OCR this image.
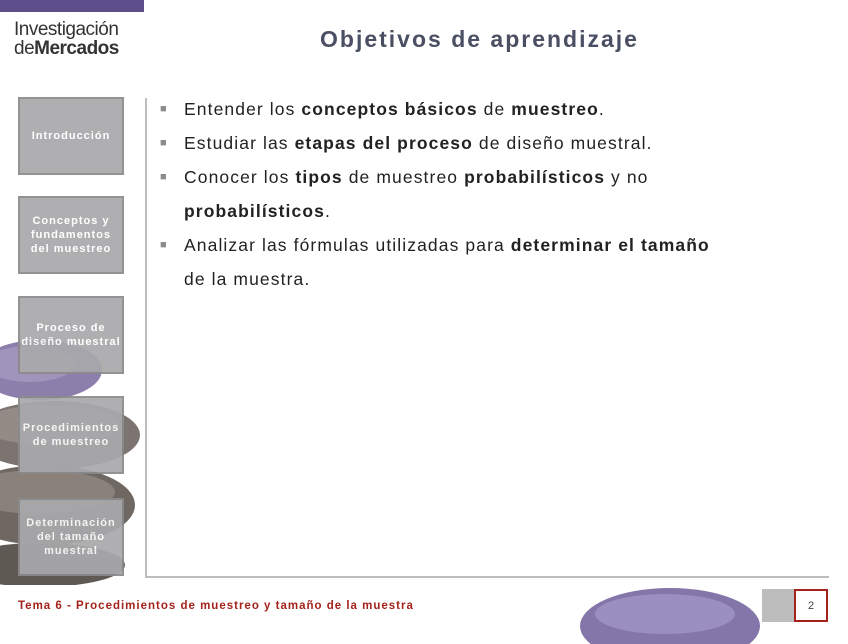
Investigación
deMercados	Objetivos de aprendizaje
Introducción
Conceptos y fundamentos del muestreo
Proceso de diseño muestral
Procedimientos de muestreo
Determinación del tamaño muestral
■ Entender los conceptos básicos de muestreo.
■ Estudiar las etapas del proceso de diseño muestral.
■ Conocer los tipos de muestreo probabilísticos y no
probabilísticos.
■ Analizar las fórmulas utilizadas para determinar el tamaño
de la muestra.
Tema 6 - Procedimientos de muestreo y tamaño de la muestra	2
